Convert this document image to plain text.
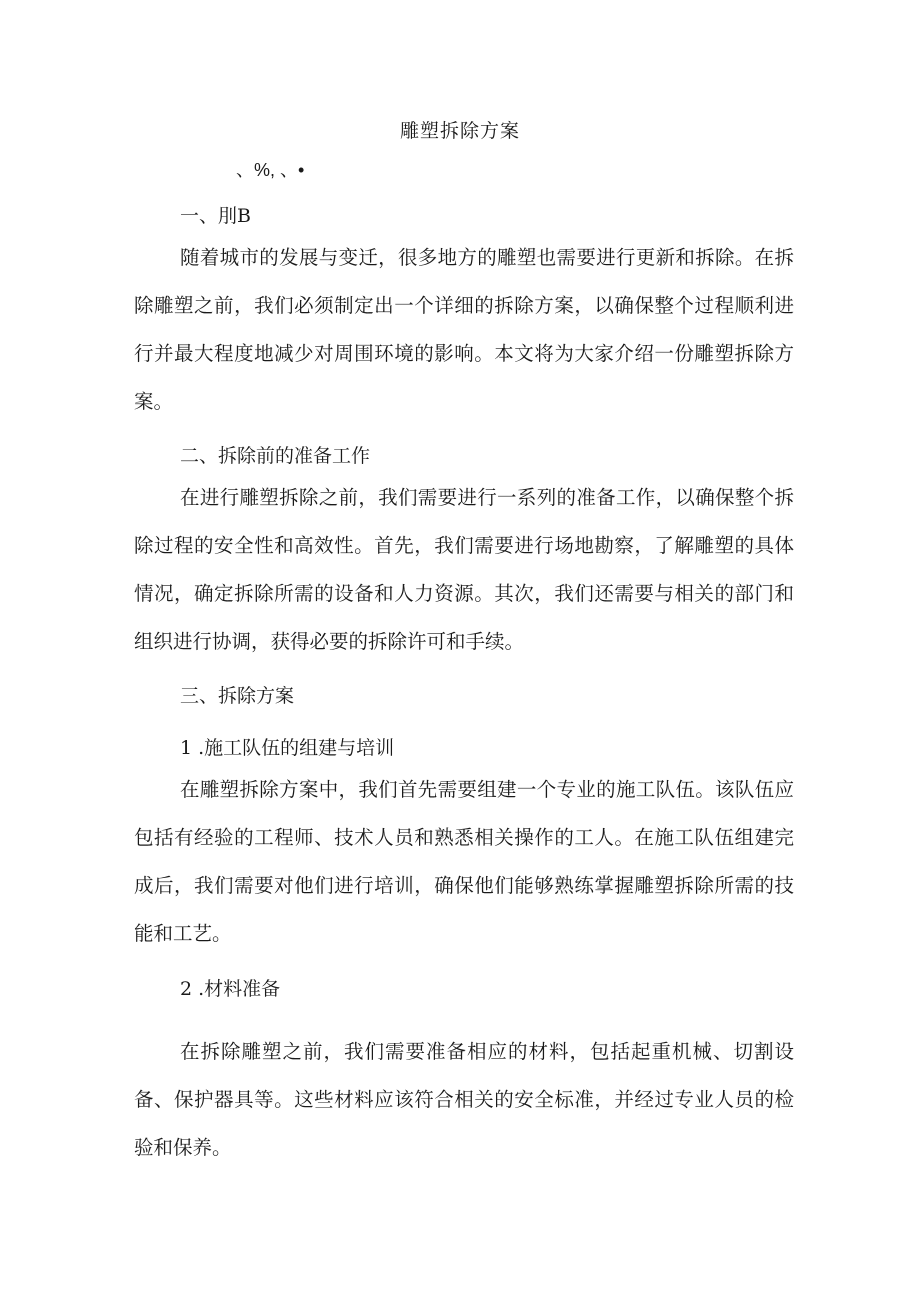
雕塑拆除方案
、%, 、•
一、刖B

随着城市的发展与变迁，很多地方的雕塑也需要进行更新和拆除。在拆除雕塑之前，我们必须制定出一个详细的拆除方案，以确保整个过程顺利进行并最大程度地减少对周围环境的影响。本文将为大家介绍一份雕塑拆除方案。

二、拆除前的准备工作

在进行雕塑拆除之前，我们需要进行一系列的准备工作，以确保整个拆除过程的安全性和高效性。首先，我们需要进行场地勘察，了解雕塑的具体情况，确定拆除所需的设备和人力资源。其次，我们还需要与相关的部门和组织进行协调，获得必要的拆除许可和手续。

三、拆除方案
1 .施工队伍的组建与培训

在雕塑拆除方案中，我们首先需要组建一个专业的施工队伍。该队伍应包括有经验的工程师、技术人员和熟悉相关操作的工人。在施工队伍组建完成后，我们需要对他们进行培训，确保他们能够熟练掌握雕塑拆除所需的技能和工艺。

2 .材料准备

在拆除雕塑之前，我们需要准备相应的材料，包括起重机械、切割设备、保护器具等。这些材料应该符合相关的安全标准，并经过专业人员的检验和保养。
